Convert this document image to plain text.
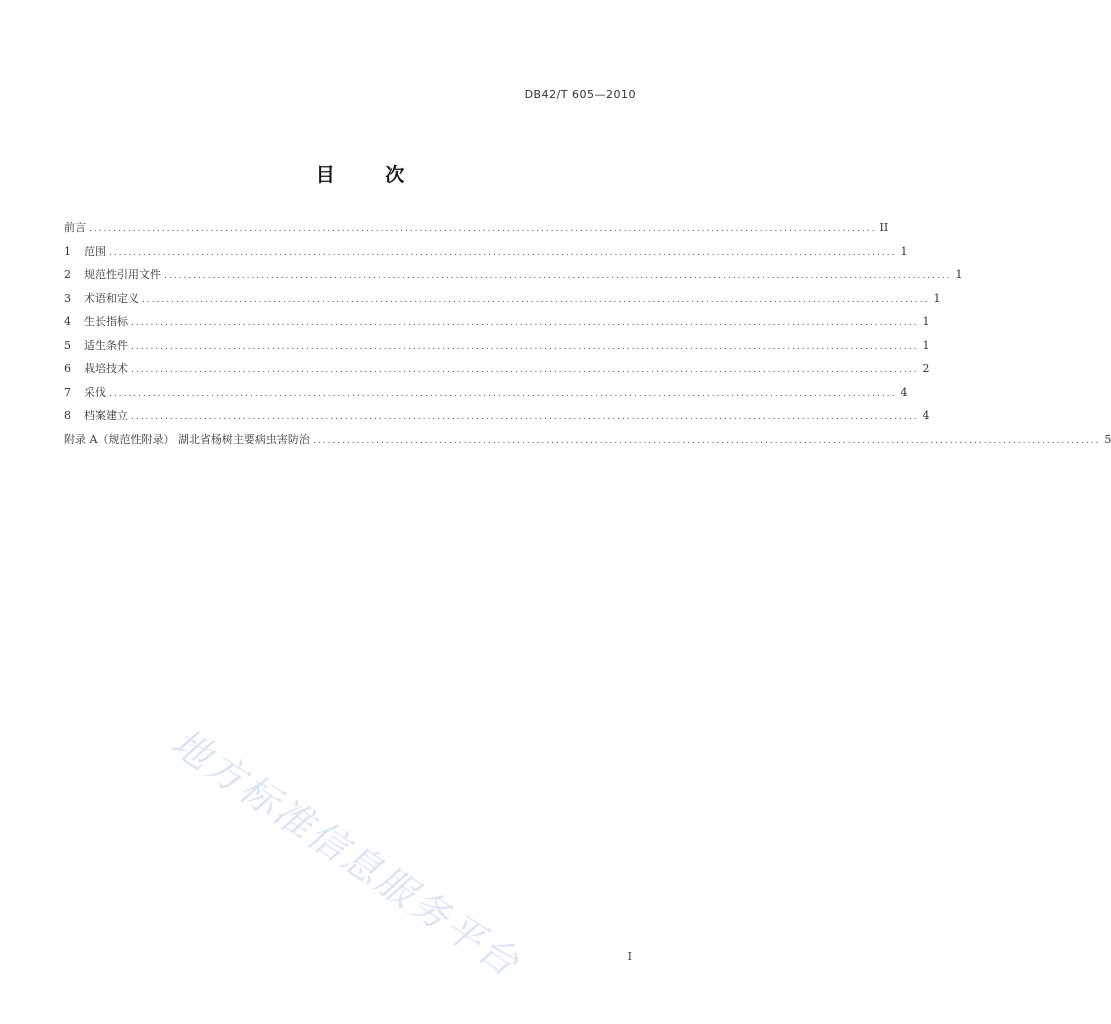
DB42/T 605—2010
目 次
前言 .................................................................................................................................................................. II
1	范围 .................................................................................................................................................................. 1
2	规范性引用文件 .................................................................................................................................................................. 1
3	术语和定义 .................................................................................................................................................................. 1
4	生长指标 .................................................................................................................................................................. 1
5	适生条件 .................................................................................................................................................................. 1
6	栽培技术 .................................................................................................................................................................. 2
7	采伐 .................................................................................................................................................................. 4
8	档案建立 .................................................................................................................................................................. 4
附录 A（规范性附录） 湖北省杨树主要病虫害防治 .................................................................................................................................................................. 5
地方标准信息服务平台	I
